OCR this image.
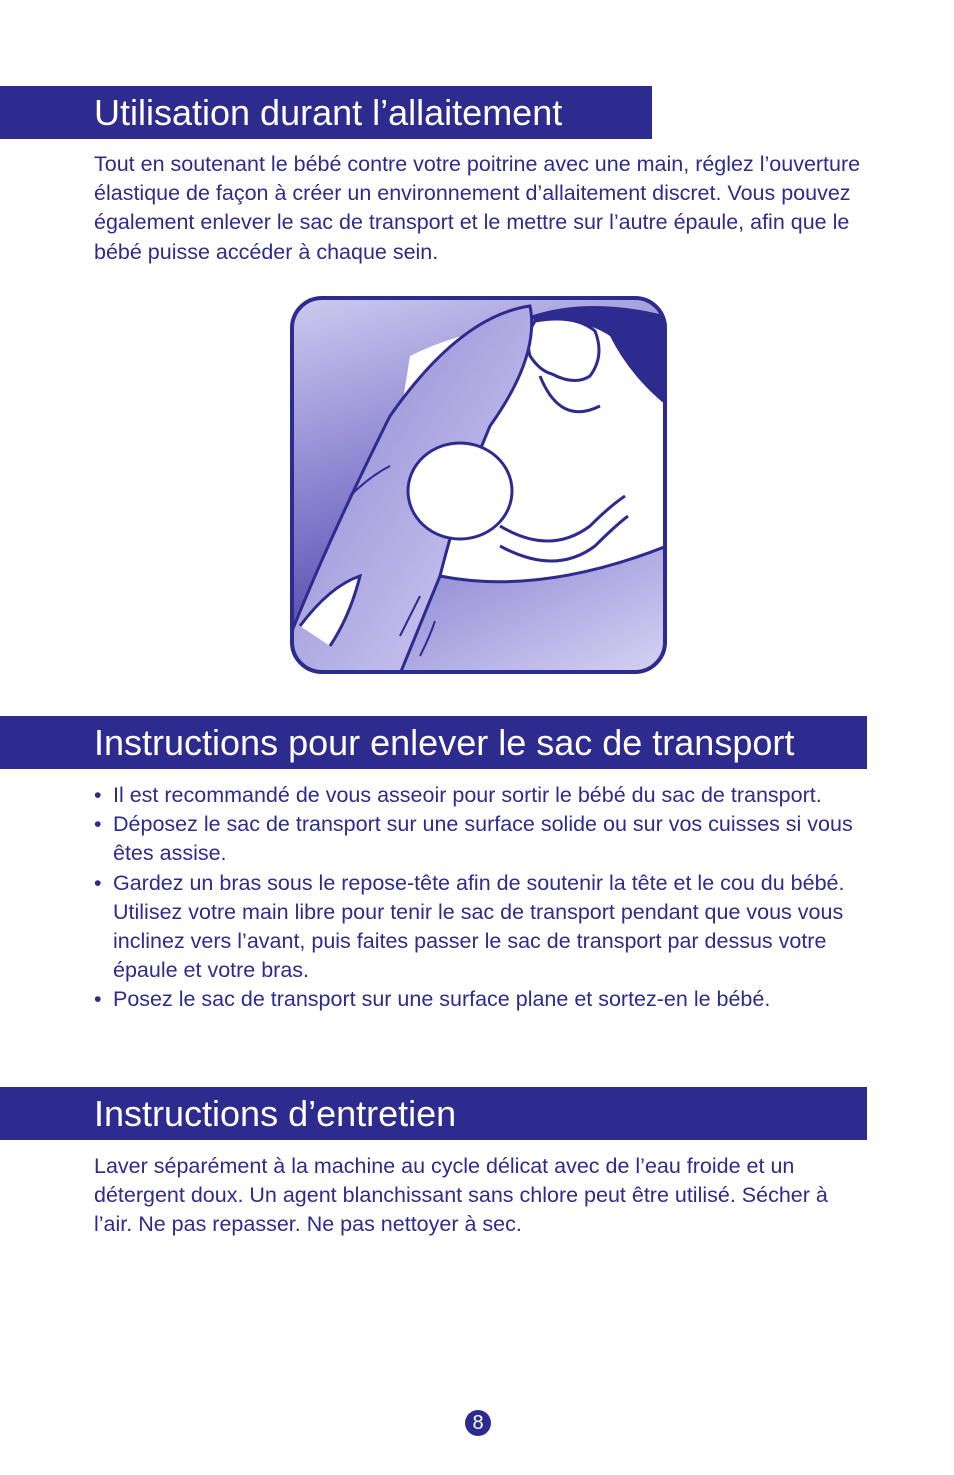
Utilisation durant l’allaitement

Tout en soutenant le bébé contre votre poitrine avec une main, réglez l’ouverture élastique de façon à créer un environnement d’allaitement discret. Vous pouvez également enlever le sac de transport et le mettre sur l’autre épaule, afin que le bébé puisse accéder à chaque sein.

Instructions pour enlever le sac de transport
• Il est recommandé de vous asseoir pour sortir le bébé du sac de transport.
• Déposez le sac de transport sur une surface solide ou sur vos cuisses si vous êtes assise.
• Gardez un bras sous le repose-tête afin de soutenir la tête et le cou du bébé. Utilisez votre main libre pour tenir le sac de transport pendant que vous vous inclinez vers l’avant, puis faites passer le sac de transport par dessus votre épaule et votre bras.
• Posez le sac de transport sur une surface plane et sortez-en le bébé.
Instructions d’entretien

Laver séparément à la machine au cycle délicat avec de l’eau froide et un détergent doux. Un agent blanchissant sans chlore peut être utilisé. Sécher à l’air. Ne pas repasser. Ne pas nettoyer à sec.

8
